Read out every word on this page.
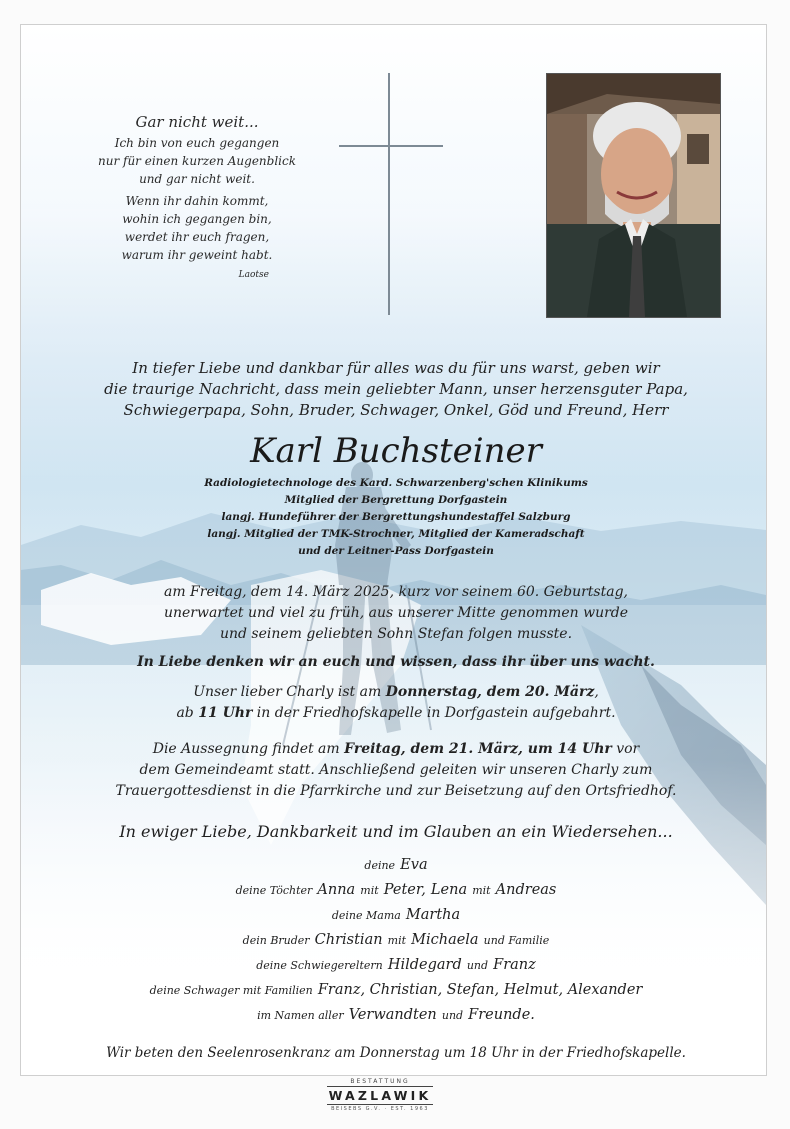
Gar nicht weit...
Ich bin von euch gegangen
nur für einen kurzen Augenblick
und gar nicht weit.
Wenn ihr dahin kommt,
wohin ich gegangen bin,
werdet ihr euch fragen,
warum ihr geweint habt.
Laotse
In tiefer Liebe und dankbar für alles was du für uns warst, geben wir
die traurige Nachricht, dass mein geliebter Mann, unser herzensguter Papa,
Schwiegerpapa, Sohn, Bruder, Schwager, Onkel, Göd und Freund, Herr
Karl Buchsteiner
Radiologietechnologe des Kard. Schwarzenberg'schen Klinikums
Mitglied der Bergrettung Dorfgastein
langj. Hundeführer der Bergrettungshundestaffel Salzburg
langj. Mitglied der TMK-Strochner, Mitglied der Kameradschaft
und der Leitner-Pass Dorfgastein
am Freitag, dem 14. März 2025, kurz vor seinem 60. Geburtstag,
unerwartet und viel zu früh, aus unserer Mitte genommen wurde
und seinem geliebten Sohn Stefan folgen musste.
In Liebe denken wir an euch und wissen, dass ihr über uns wacht.
Unser lieber Charly ist am Donnerstag, dem 20. März,
ab 11 Uhr in der Friedhofskapelle in Dorfgastein aufgebahrt.
Die Aussegnung findet am Freitag, dem 21. März, um 14 Uhr vor
dem Gemeindeamt statt. Anschließend geleiten wir unseren Charly zum
Trauergottesdienst in die Pfarrkirche und zur Beisetzung auf den Ortsfriedhof.
In ewiger Liebe, Dankbarkeit und im Glauben an ein Wiedersehen...
deine Eva
deine Töchter Anna mit Peter, Lena mit Andreas
deine Mama Martha
dein Bruder Christian mit Michaela und Familie
deine Schwiegereltern Hildegard und Franz
deine Schwager mit Familien Franz, Christian, Stefan, Helmut, Alexander
im Namen aller Verwandten und Freunde.
Wir beten den Seelenrosenkranz am Donnerstag um 18 Uhr in der Friedhofskapelle.
BESTATTUNG
WAZLAWIK
BEISEBS G.V. · EST. 1963
